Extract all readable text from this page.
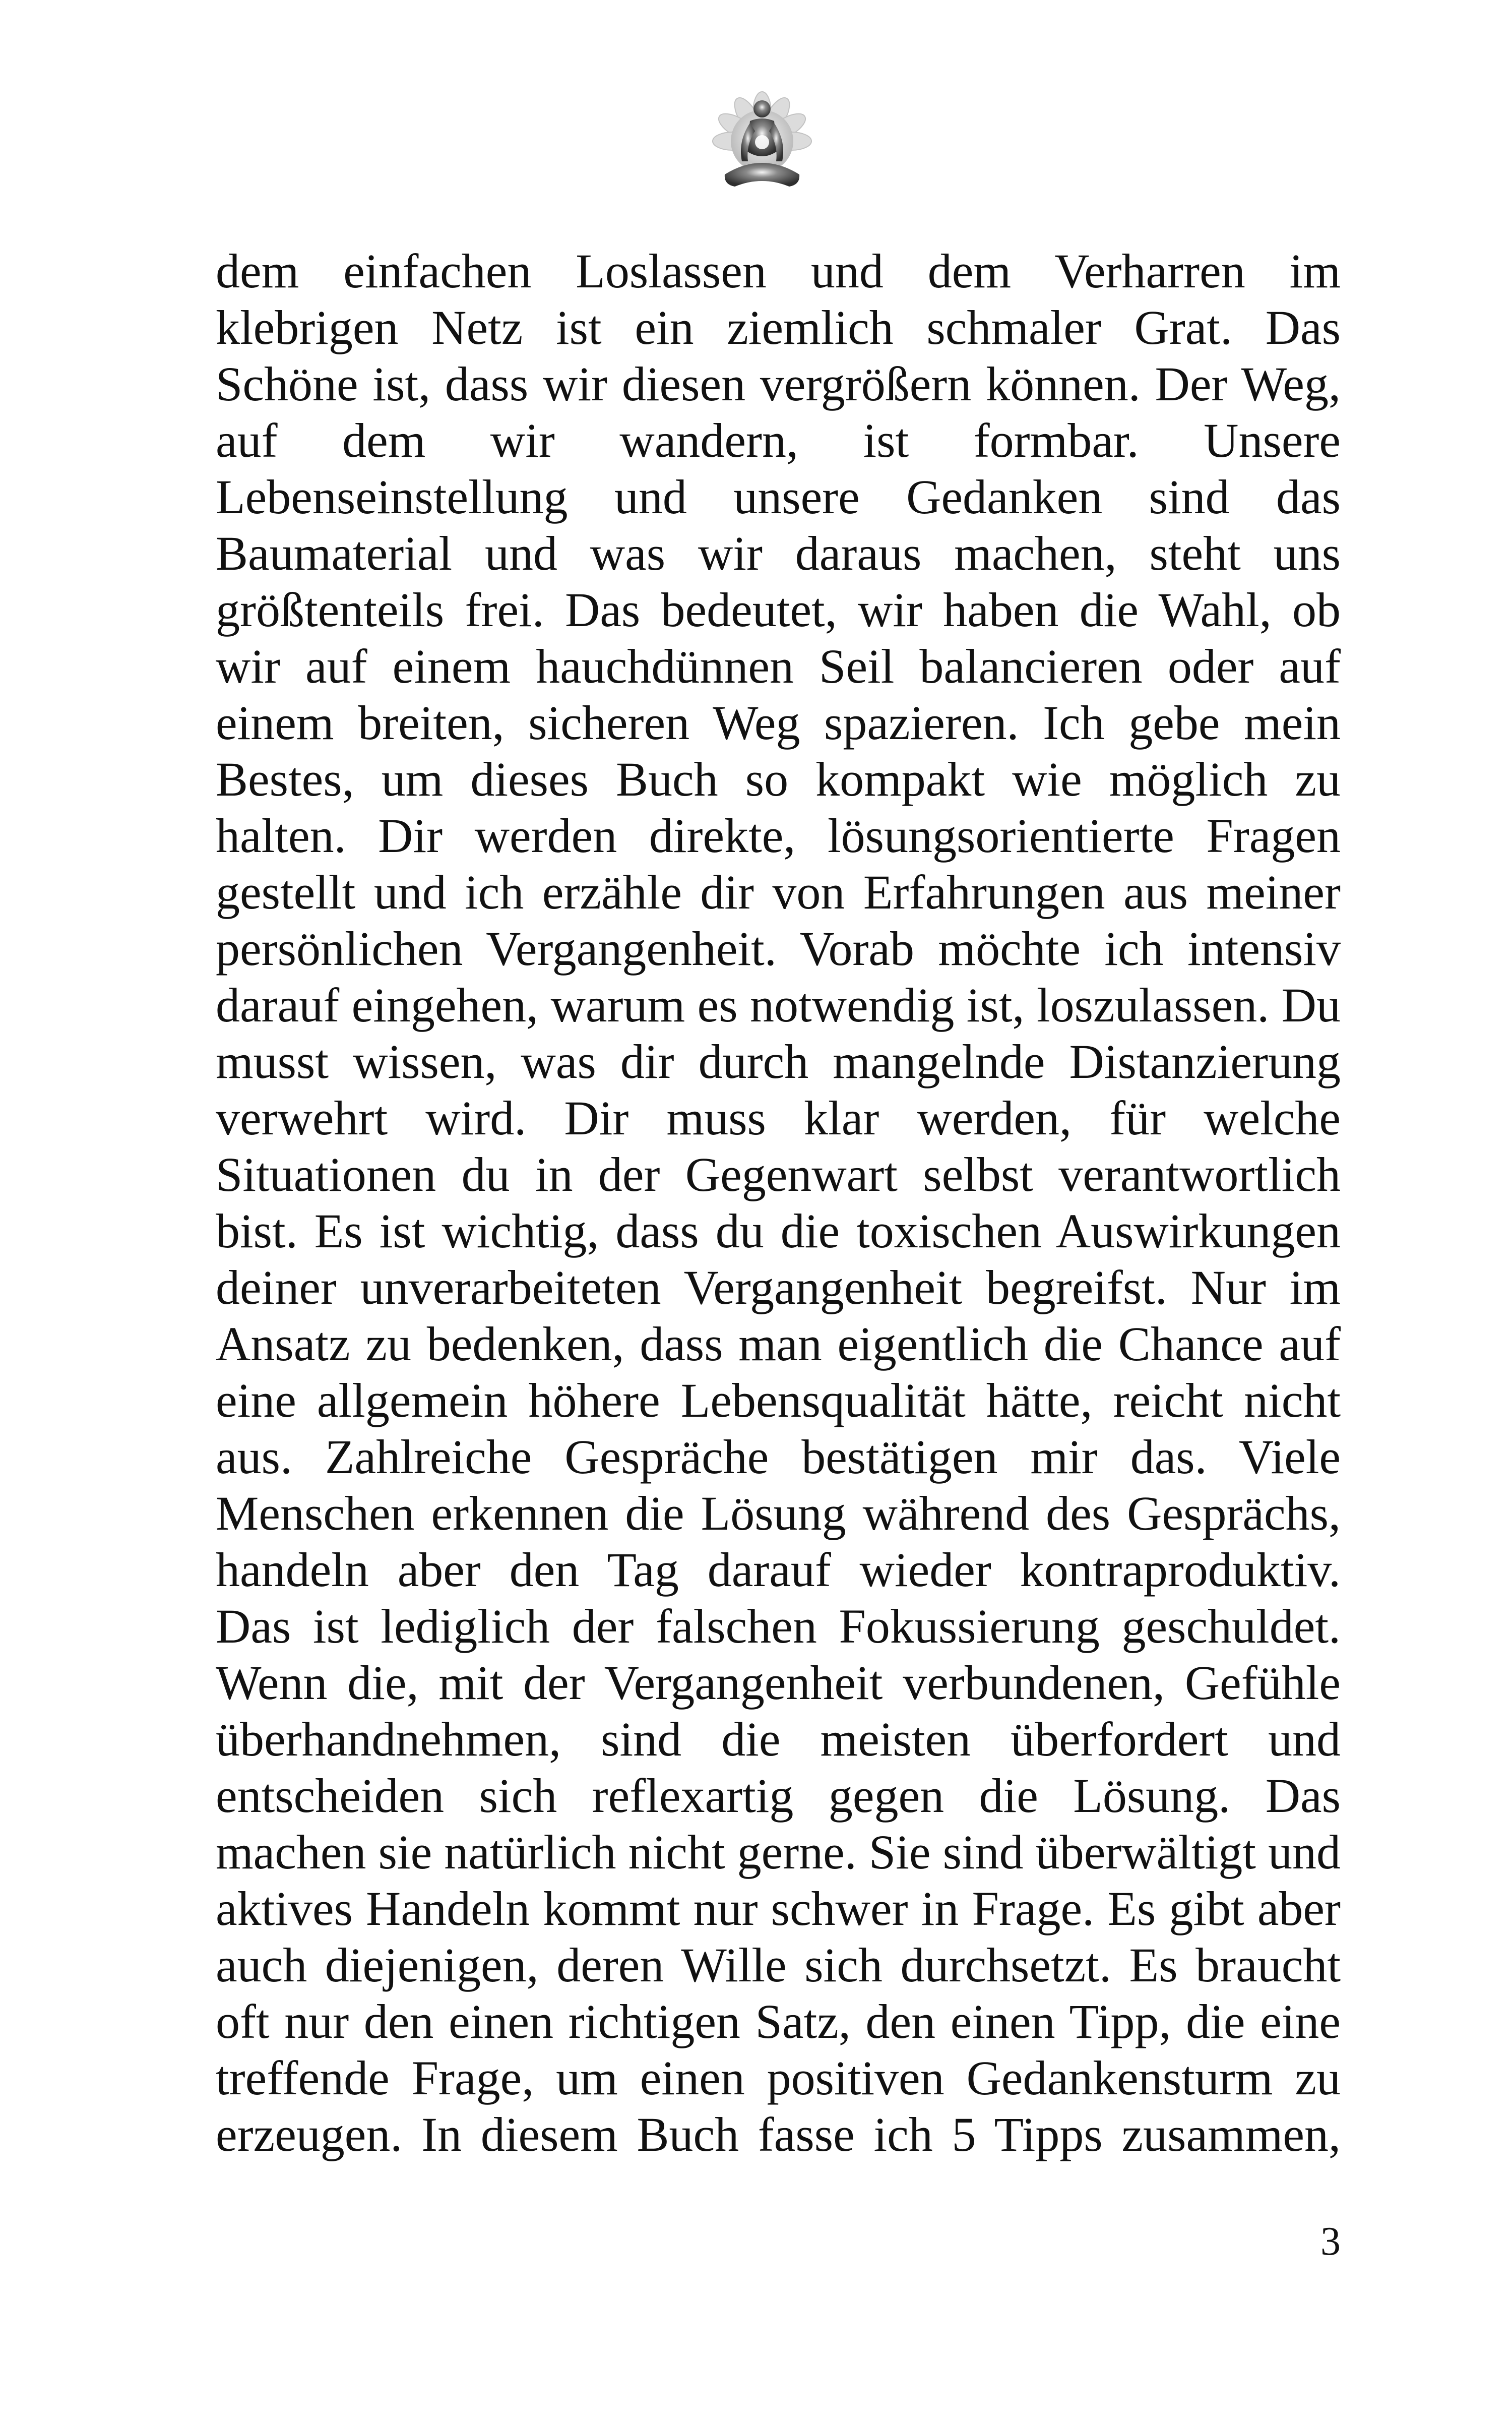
dem einfachen Loslassen und dem Verharren im
klebrigen Netz ist ein ziemlich schmaler Grat. Das
Schöne ist, dass wir diesen vergrößern können. Der Weg,
auf dem wir wandern, ist formbar. Unsere
Lebenseinstellung und unsere Gedanken sind das
Baumaterial und was wir daraus machen, steht uns
größtenteils frei. Das bedeutet, wir haben die Wahl, ob
wir auf einem hauchdünnen Seil balancieren oder auf
einem breiten, sicheren Weg spazieren. Ich gebe mein
Bestes, um dieses Buch so kompakt wie möglich zu
halten. Dir werden direkte, lösungsorientierte Fragen
gestellt und ich erzähle dir von Erfahrungen aus meiner
persönlichen Vergangenheit. Vorab möchte ich intensiv
darauf eingehen, warum es notwendig ist, loszulassen. Du
musst wissen, was dir durch mangelnde Distanzierung
verwehrt wird. Dir muss klar werden, für welche
Situationen du in der Gegenwart selbst verantwortlich
bist. Es ist wichtig, dass du die toxischen Auswirkungen
deiner unverarbeiteten Vergangenheit begreifst. Nur im
Ansatz zu bedenken, dass man eigentlich die Chance auf
eine allgemein höhere Lebensqualität hätte, reicht nicht
aus. Zahlreiche Gespräche bestätigen mir das. Viele
Menschen erkennen die Lösung während des Gesprächs,
handeln aber den Tag darauf wieder kontraproduktiv.
Das ist lediglich der falschen Fokussierung geschuldet.
Wenn die, mit der Vergangenheit verbundenen, Gefühle
überhandnehmen, sind die meisten überfordert und
entscheiden sich reflexartig gegen die Lösung. Das
machen sie natürlich nicht gerne. Sie sind überwältigt und
aktives Handeln kommt nur schwer in Frage. Es gibt aber
auch diejenigen, deren Wille sich durchsetzt. Es braucht
oft nur den einen richtigen Satz, den einen Tipp, die eine
treffende Frage, um einen positiven Gedankensturm zu
erzeugen. In diesem Buch fasse ich 5 Tipps zusammen,
3
